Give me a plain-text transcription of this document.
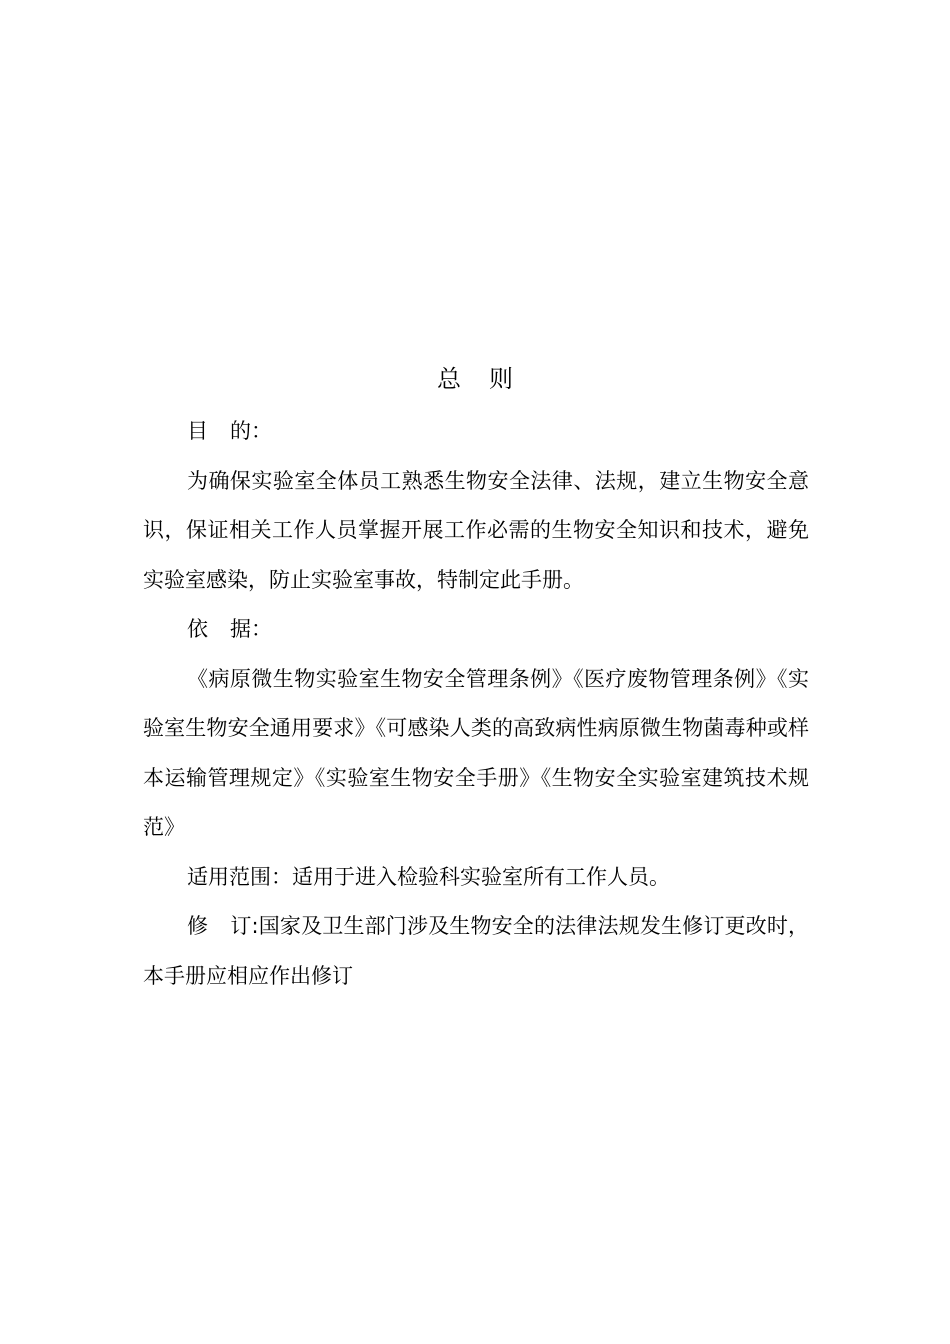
总 则

目 的：

为确保实验室全体员工熟悉生物安全法律、法规，建立生物安全意识，保证相关工作人员掌握开展工作必需的生物安全知识和技术，避免实验室感染，防止实验室事故，特制定此手册。

依 据：

《病原微生物实验室生物安全管理条例》《医疗废物管理条例》《实验室生物安全通用要求》《可感染人类的高致病性病原微生物菌毒种或样本运输管理规定》《实验室生物安全手册》《生物安全实验室建筑技术规范》

适用范围：适用于进入检验科实验室所有工作人员。

修 订:国家及卫生部门涉及生物安全的法律法规发生修订更改时，本手册应相应作出修订
